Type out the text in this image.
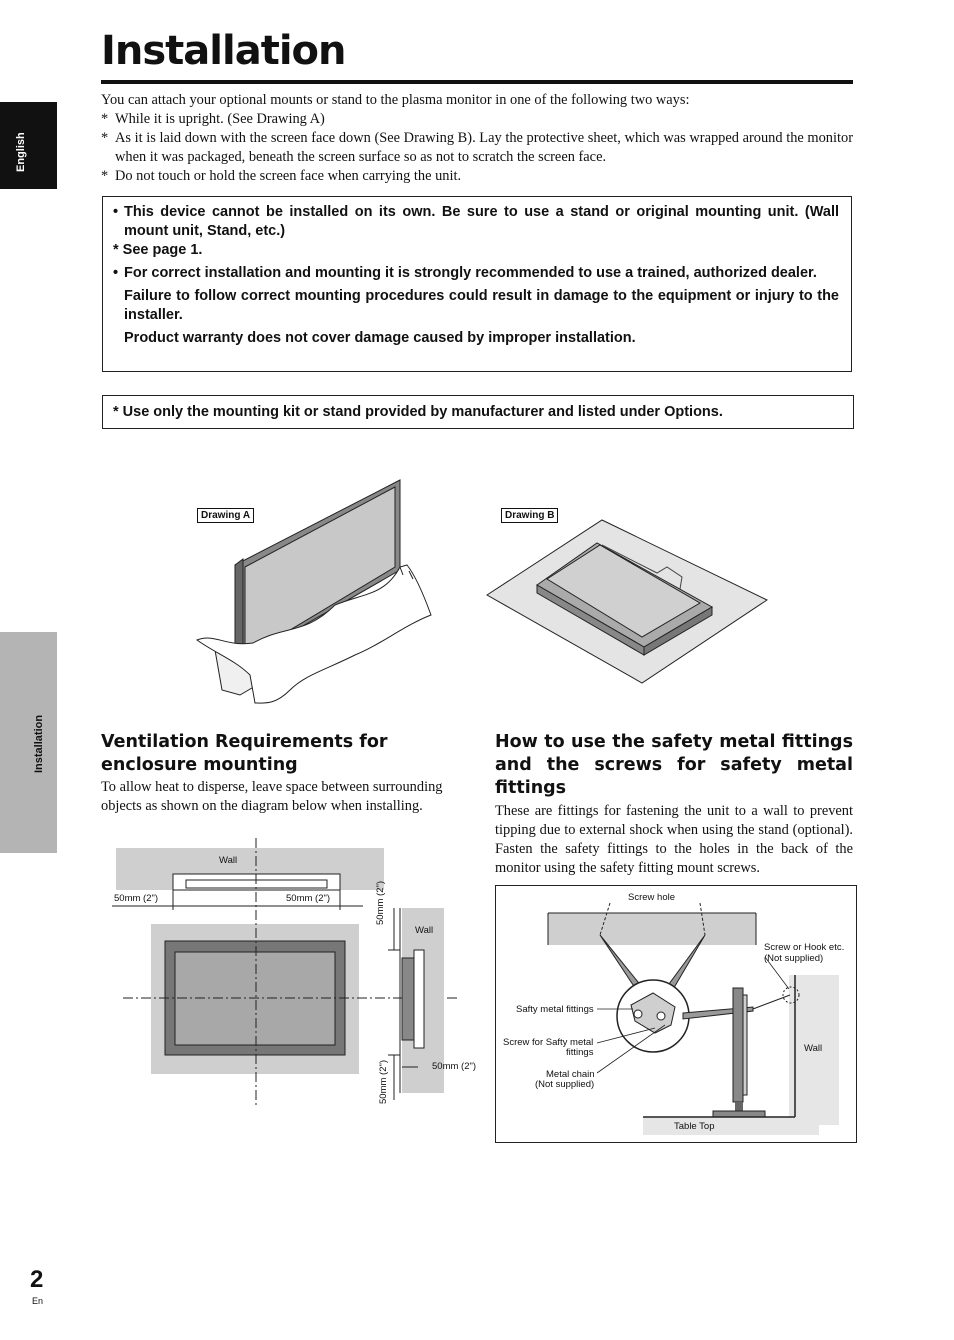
English
Installation
Installation

You can attach your optional mounts or stand to the plasma monitor in one of the following two ways:

* While it is upright. (See Drawing A)

* As it is laid down with the screen face down (See Drawing B). Lay the protective sheet, which was wrapped around the monitor when it was packaged, beneath the screen surface so as not to scratch the screen face.

* Do not touch or hold the screen face when carrying the unit.

• This device cannot be installed on its own. Be sure to use a stand or original mounting unit. (Wall mount unit, Stand, etc.)

* See page 1.

• For correct installation and mounting it is strongly recommended to use a trained, authorized dealer.

Failure to follow correct mounting procedures could result in damage to the equipment or injury to the installer.

Product warranty does not cover damage caused by improper installation.

* Use only the mounting kit or stand provided by manufacturer and listed under Options.
Drawing A	Drawing B
Ventilation Requirements for enclosure mounting

To allow heat to disperse, leave space between surrounding objects as shown on the diagram below when installing.

Wall
50mm (2")	50mm (2")
Wall
50mm (2")
50mm (2")	50mm (2")
How to use the safety metal fittings and the screws for safety metal fittings

These are fittings for fastening the unit to a wall to prevent tipping due to external shock when using the stand (optional). Fasten the safety fittings to the holes in the back of the monitor using the safety fitting mount screws.

Screw hole
Screw or Hook etc.
(Not supplied)
Safty metal fittings
Screw for Safty metal
fittings
Metal chain
(Not supplied)
Wall
Table Top
2
En
